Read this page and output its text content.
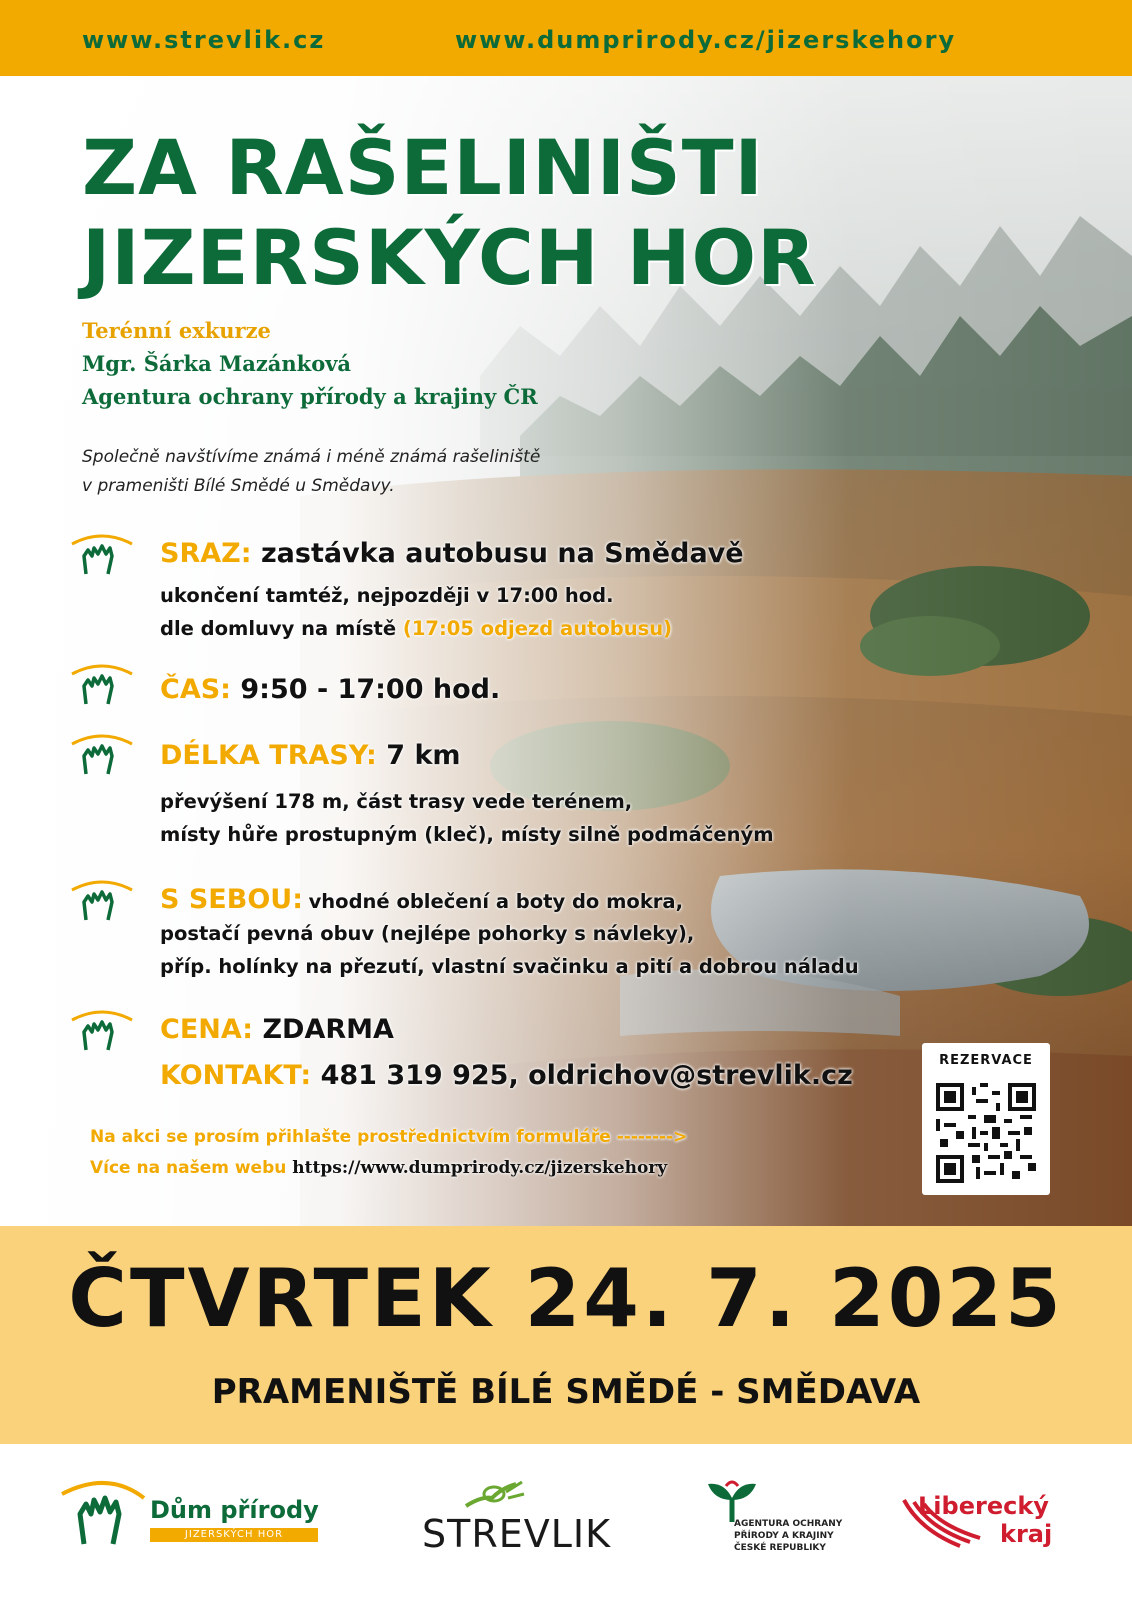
www.strevlik.cz	www.dumprirody.cz/jizerskehory
ZA RAŠELINIŠTI
JIZERSKÝCH HOR
Terénní exkurze
Mgr. Šárka Mazánková
Agentura ochrany přírody a krajiny ČR
Společně navštívíme známá i méně známá rašeliniště
v prameništi Bílé Smědé u Smědavy.
SRAZ: zastávka autobusu na Smědavě
ukončení tamtéž, nejpozději v 17:00 hod.
dle domluvy na místě (17:05 odjezd autobusu)
ČAS: 9:50 - 17:00 hod.
DÉLKA TRASY: 7 km
převýšení 178 m, část trasy vede terénem,
místy hůře prostupným (kleč), místy silně podmáčeným
S SEBOU: vhodné oblečení a boty do mokra,
postačí pevná obuv (nejlépe pohorky s návleky),
příp. holínky na přezutí, vlastní svačinku a pití a dobrou náladu
CENA: ZDARMA
KONTAKT: 481 319 925, oldrichov@strevlik.cz
Na akci se prosím přihlašte prostřednictvím formuláře -------->
Více na našem webu https://www.dumprirody.cz/jizerskehory
REZERVACE
ČTVRTEK 24. 7. 2025
PRAMENIŠTĚ BÍLÉ SMĚDÉ - SMĚDAVA
Dům přírody
JIZERSKÝCH HOR	STREVLIK	AGENTURA OCHRANY
PŘÍRODY A KRAJINY
ČESKÉ REPUBLIKY
Liberecký
kraj
